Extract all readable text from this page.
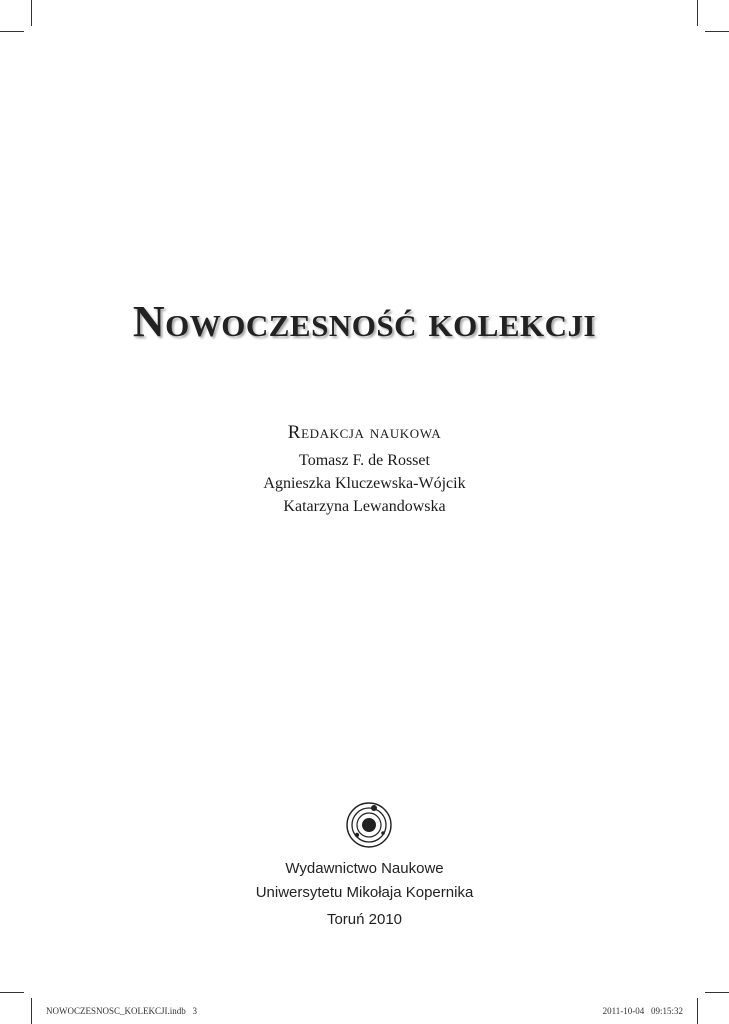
Nowoczesność kolekcji
Redakcja naukowa
Tomasz F. de Rosset
Agnieszka Kluczewska-Wójcik
Katarzyna Lewandowska
Wydawnictwo Naukowe
Uniwersytetu Mikołaja Kopernika
Toruń 2010
NOWOCZESNOSC_KOLEKCJI.indb   3	2011-10-04   09:15:32
